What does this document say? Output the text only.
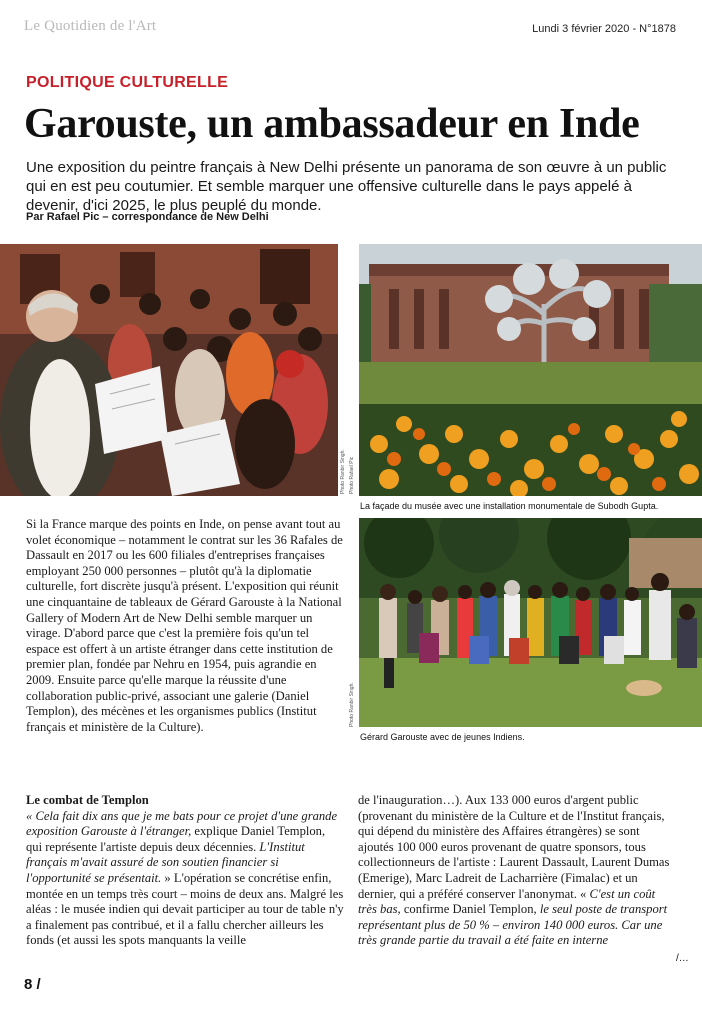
Le Quotidien de l'Art	Lundi 3 février 2020 - N°1878
POLITIQUE CULTURELLE
Garouste, un ambassadeur en Inde

Une exposition du peintre français à New Delhi présente un panorama de son œuvre à un public qui en est peu coutumier. Et semble marquer une offensive culturelle dans le pays appelé à devenir, d'ici 2025, le plus peuplé du monde.

Par Rafael Pic – correspondance de New Delhi
Photo Ranbir Singh.
La façade du musée avec une installation monumentale de Subodh Gupta.
Photo Rafael Pic
Gérard Garouste avec de jeunes Indiens.
Photo Ranbir Singh.

Si la France marque des points en Inde, on pense avant tout au volet économique – notamment le contrat sur les 36 Rafales de Dassault en 2017 ou les 600 filiales d'entreprises françaises employant 250 000 personnes – plutôt qu'à la diplomatie culturelle, fort discrète jusqu'à présent. L'exposition qui réunit une cinquantaine de tableaux de Gérard Garouste à la National Gallery of Modern Art de New Delhi semble marquer un virage. D'abord parce que c'est la première fois qu'un tel espace est offert à un artiste étranger dans cette institution de premier plan, fondée par Nehru en 1954, puis agrandie en 2009. Ensuite parce qu'elle marque la réussite d'une collaboration public-privé, associant une galerie (Daniel Templon), des mécènes et les organismes publics (Institut français et ministère de la Culture).

Le combat de Templon

« Cela fait dix ans que je me bats pour ce projet d'une grande exposition Garouste à l'étranger, explique Daniel Templon, qui représente l'artiste depuis deux décennies. L'Institut français m'avait assuré de son soutien financier si l'opportunité se présentait. » L'opération se concrétise enfin, montée en un temps très court – moins de deux ans. Malgré les aléas : le musée indien qui devait participer au tour de table n'y a finalement pas contribué, et il a fallu chercher ailleurs les fonds (et aussi les spots manquants la veille

de l'inauguration…). Aux 133 000 euros d'argent public (provenant du ministère de la Culture et de l'Institut français, qui dépend du ministère des Affaires étrangères) se sont ajoutés 100 000 euros provenant de quatre sponsors, tous collectionneurs de l'artiste : Laurent Dassault, Laurent Dumas (Emerige), Marc Ladreit de Lacharrière (Fimalac) et un dernier, qui a préféré conserver l'anonymat. « C'est un coût très bas, confirme Daniel Templon, le seul poste de transport représentant plus de 50 % – environ 140 000 euros. Car une très grande partie du travail a été faite en interne

/…
8 /
